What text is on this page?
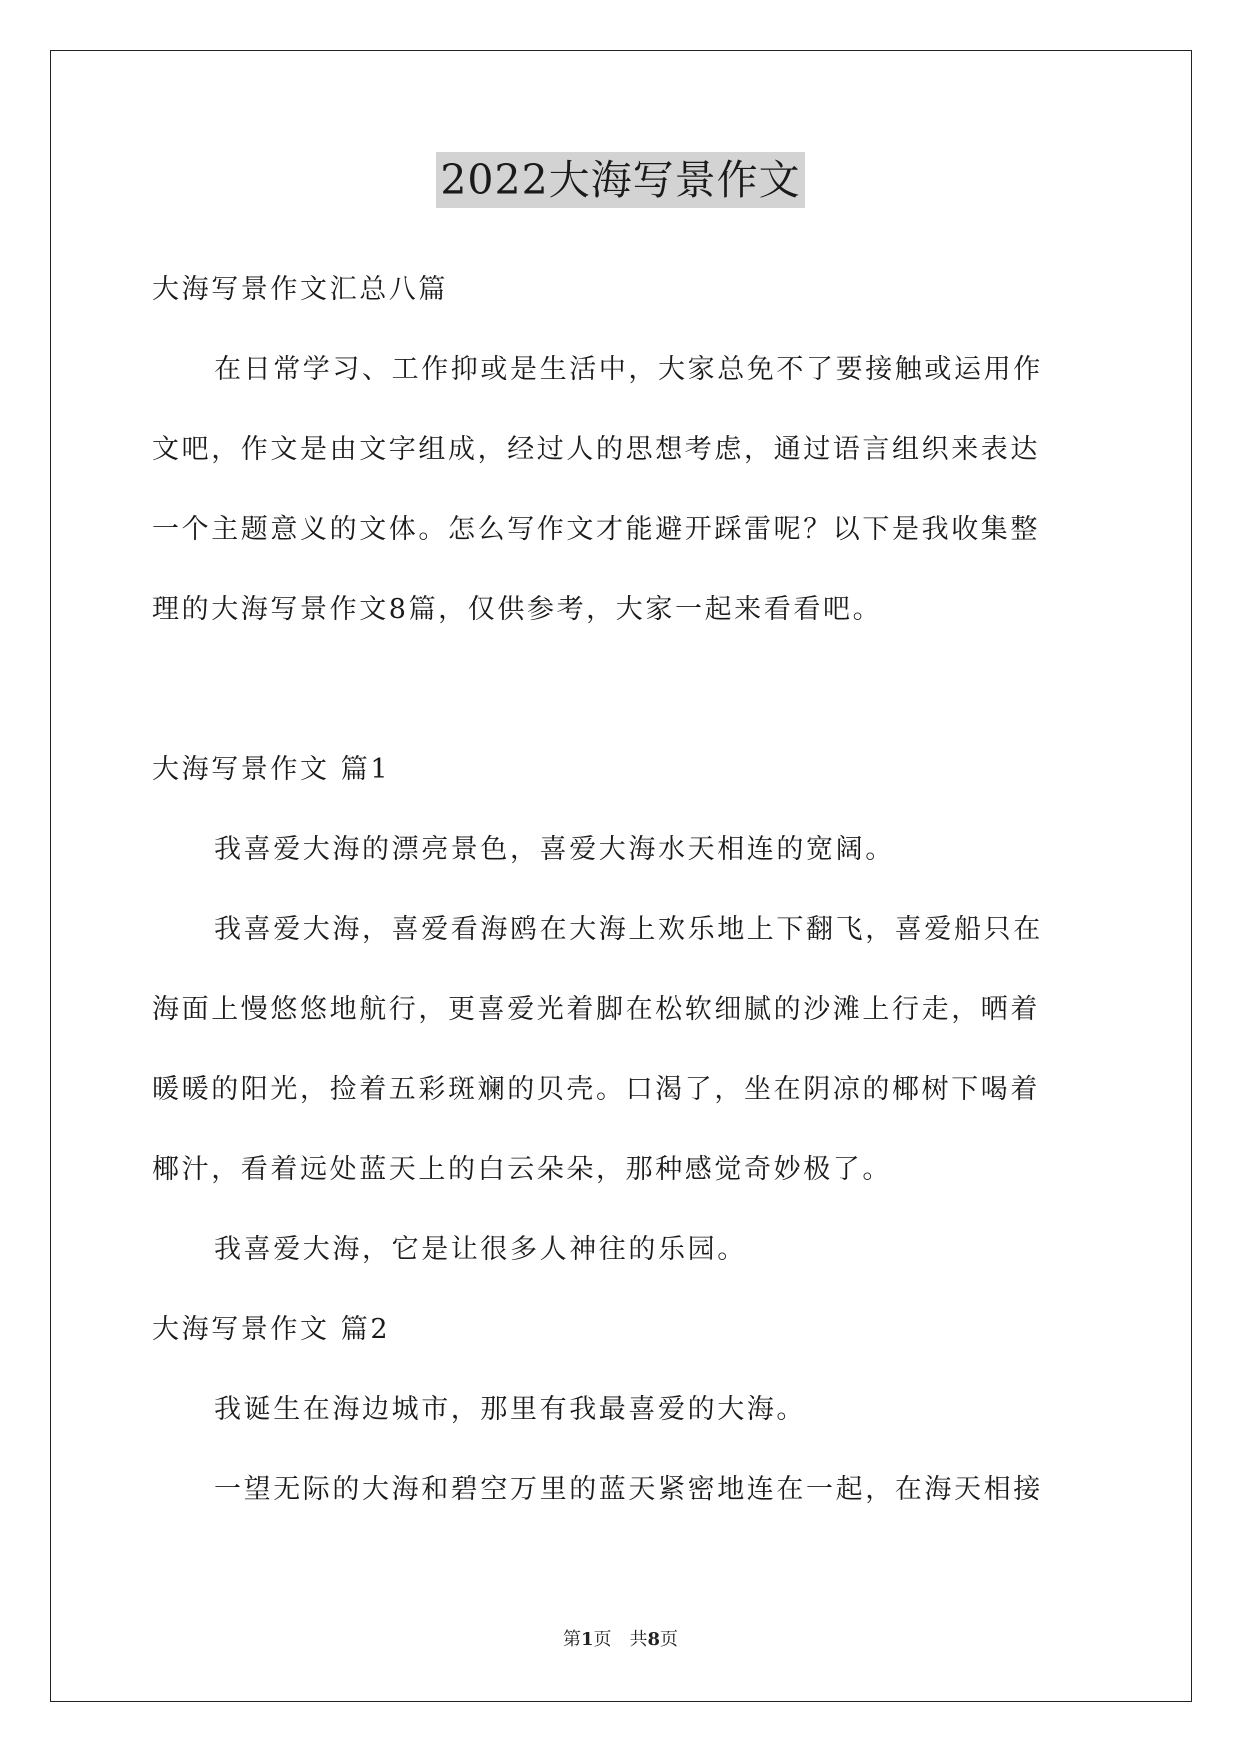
2022大海写景作文
大海写景作文汇总八篇
在日常学习、工作抑或是生活中，大家总免不了要接触或运用作
文吧，作文是由文字组成，经过人的思想考虑，通过语言组织来表达
一个主题意义的文体。怎么写作文才能避开踩雷呢？以下是我收集整
理的大海写景作文8篇，仅供参考，大家一起来看看吧。
大海写景作文 篇1
我喜爱大海的漂亮景色，喜爱大海水天相连的宽阔。
我喜爱大海，喜爱看海鸥在大海上欢乐地上下翻飞，喜爱船只在
海面上慢悠悠地航行，更喜爱光着脚在松软细腻的沙滩上行走，晒着
暖暖的阳光，捡着五彩斑斓的贝壳。口渴了，坐在阴凉的椰树下喝着
椰汁，看着远处蓝天上的白云朵朵，那种感觉奇妙极了。
我喜爱大海，它是让很多人神往的乐园。
大海写景作文 篇2
我诞生在海边城市，那里有我最喜爱的大海。
一望无际的大海和碧空万里的蓝天紧密地连在一起，在海天相接
第1页　共8页
